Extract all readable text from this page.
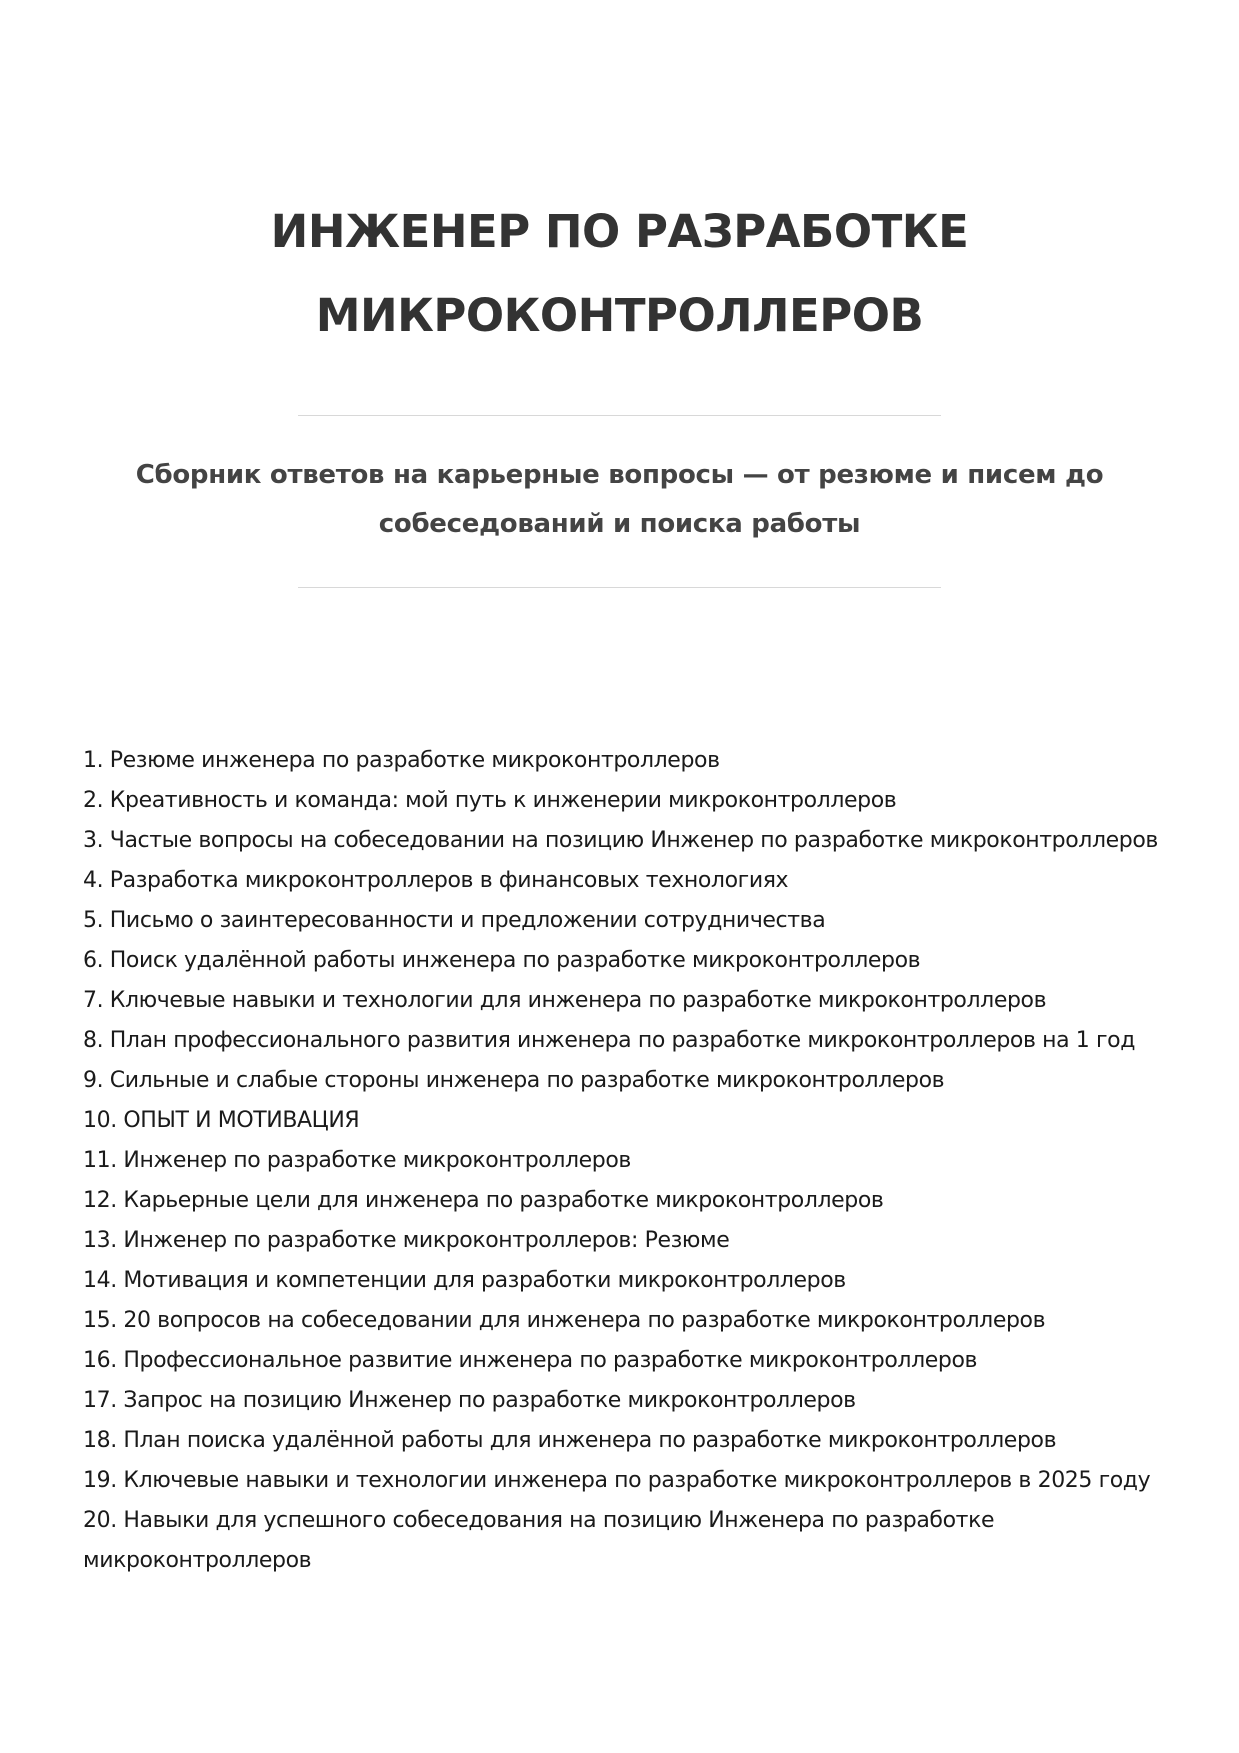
ИНЖЕНЕР ПО РАЗРАБОТКЕ
МИКРОКОНТРОЛЛЕРОВ

Сборник ответов на карьерные вопросы — от резюме и писем до
собеседований и поиска работы

1. Резюме инженера по разработке микроконтроллеров
2. Креативность и команда: мой путь к инженерии микроконтроллеров
3. Частые вопросы на собеседовании на позицию Инженер по разработке микроконтроллеров
4. Разработка микроконтроллеров в финансовых технологиях
5. Письмо о заинтересованности и предложении сотрудничества
6. Поиск удалённой работы инженера по разработке микроконтроллеров
7. Ключевые навыки и технологии для инженера по разработке микроконтроллеров
8. План профессионального развития инженера по разработке микроконтроллеров на 1 год
9. Сильные и слабые стороны инженера по разработке микроконтроллеров
10. ОПЫТ И МОТИВАЦИЯ
11. Инженер по разработке микроконтроллеров
12. Карьерные цели для инженера по разработке микроконтроллеров
13. Инженер по разработке микроконтроллеров: Резюме
14. Мотивация и компетенции для разработки микроконтроллеров
15. 20 вопросов на собеседовании для инженера по разработке микроконтроллеров
16. Профессиональное развитие инженера по разработке микроконтроллеров
17. Запрос на позицию Инженер по разработке микроконтроллеров
18. План поиска удалённой работы для инженера по разработке микроконтроллеров
19. Ключевые навыки и технологии инженера по разработке микроконтроллеров в 2025 году
20. Навыки для успешного собеседования на позицию Инженера по разработке микроконтроллеров
